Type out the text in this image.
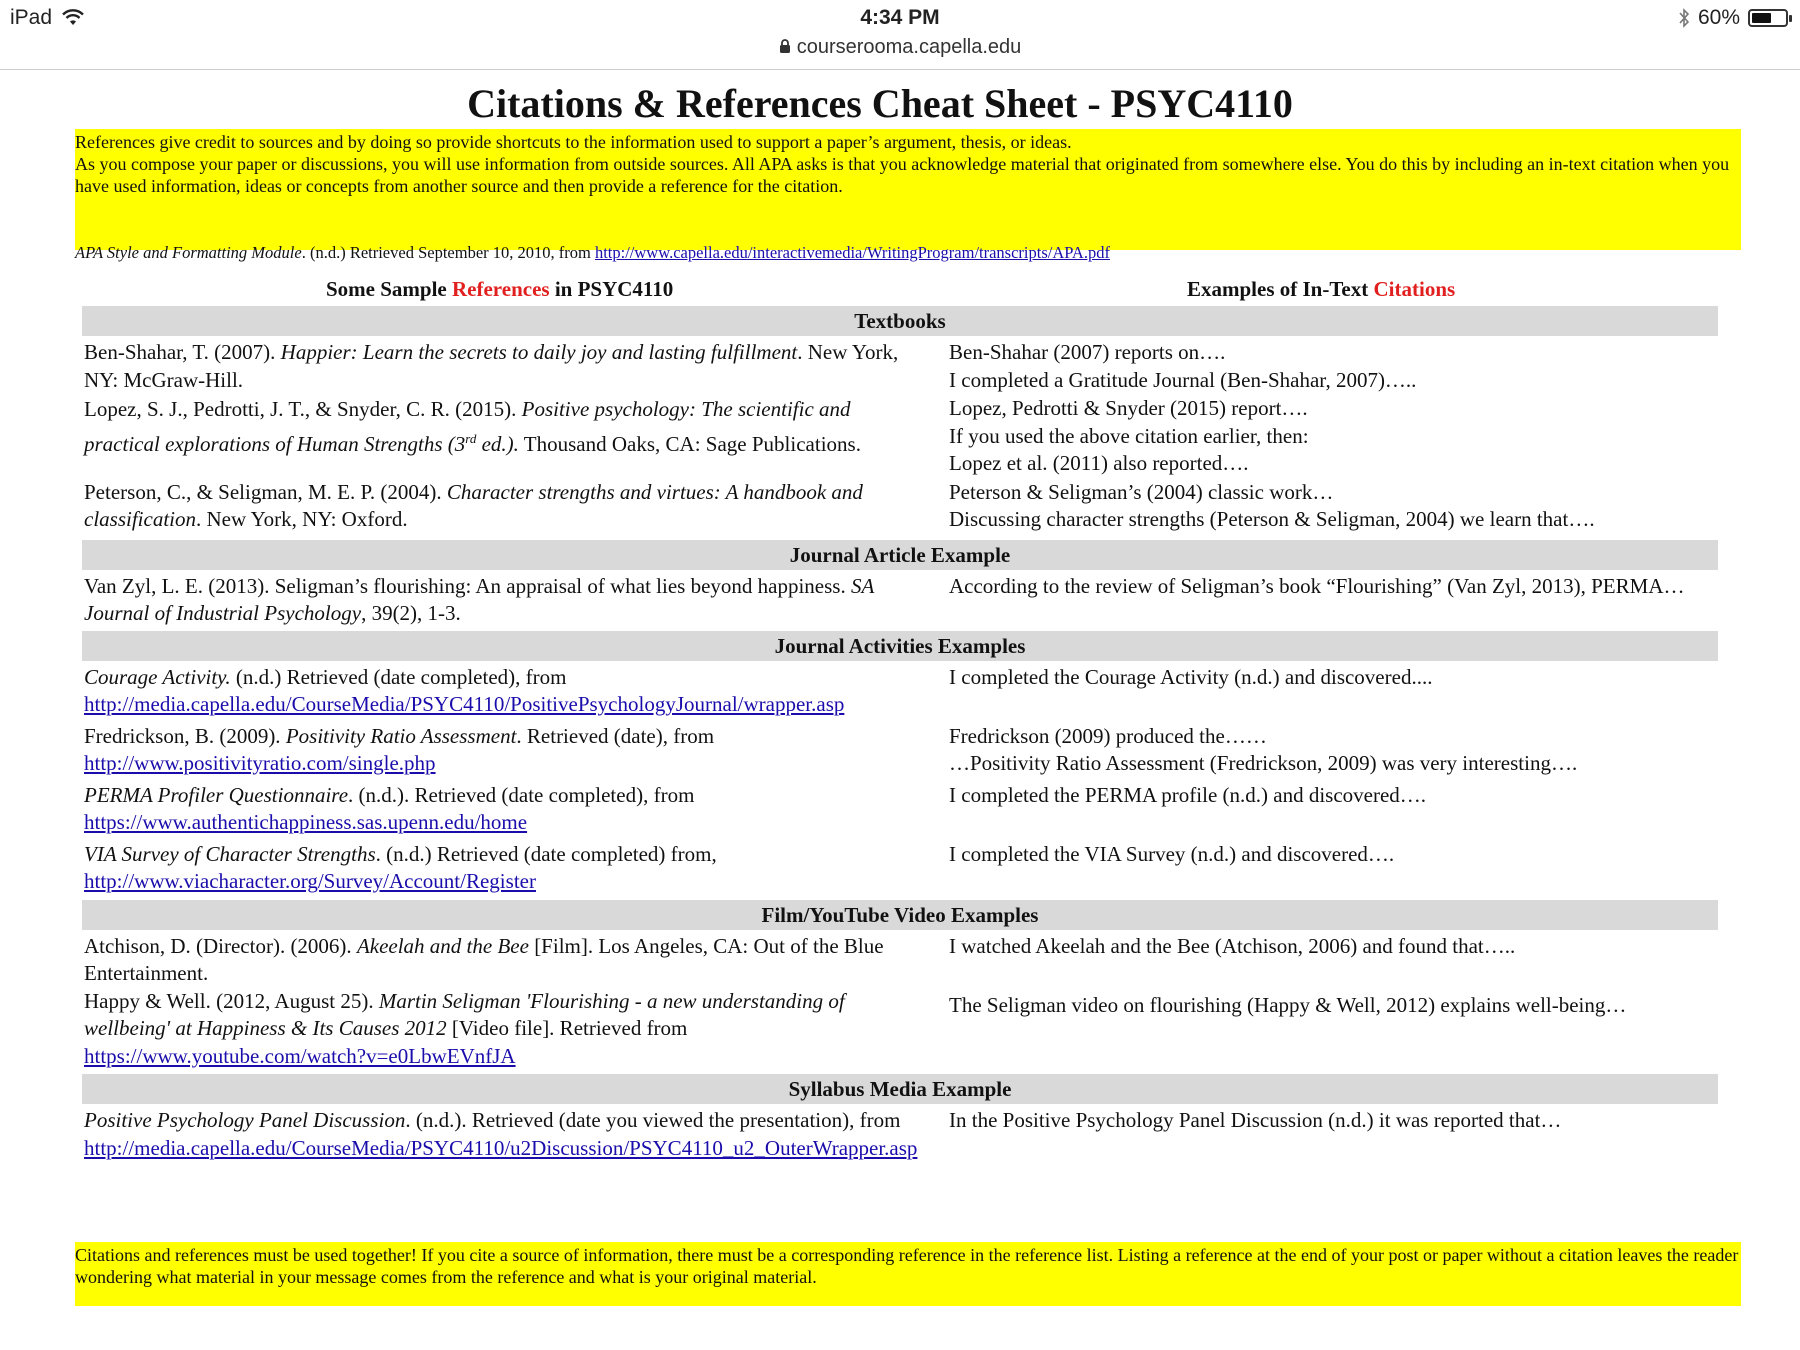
iPad	4:34 PM
courserooma.capella.edu
60%
Citations & References Cheat Sheet - PSYC4110
References give credit to sources and by doing so provide shortcuts to the information used to support a paper’s argument, thesis, or ideas.
As you compose your paper or discussions, you will use information from outside sources. All APA asks is that you acknowledge material that originated from somewhere else. You do this by including an in-text citation when you have used information, ideas or concepts from another source and then provide a reference for the citation.
APA Style and Formatting Module. (n.d.) Retrieved September 10, 2010, from http://www.capella.edu/interactivemedia/WritingProgram/transcripts/APA.pdf
Some Sample References in PSYC4110	Examples of In-Text Citations
Textbooks
Ben-Shahar, T. (2007). Happier: Learn the secrets to daily joy and lasting fulfillment. New York, NY: McGraw-Hill.
Ben-Shahar (2007) reports on….
I completed a Gratitude Journal (Ben-Shahar, 2007)…..
Lopez, S. J., Pedrotti, J. T., & Snyder, C. R. (2015). Positive psychology: The scientific and practical explorations of Human Strengths (3rd ed.). Thousand Oaks, CA: Sage Publications.
Lopez, Pedrotti & Snyder (2015) report….
If you used the above citation earlier, then:
Lopez et al. (2011) also reported….
Peterson, C., & Seligman, M. E. P. (2004). Character strengths and virtues: A handbook and classification. New York, NY: Oxford.
Peterson & Seligman’s (2004) classic work…
Discussing character strengths (Peterson & Seligman, 2004) we learn that….
Journal Article Example
Van Zyl, L. E. (2013). Seligman’s flourishing: An appraisal of what lies beyond happiness. SA Journal of Industrial Psychology, 39(2), 1-3.
According to the review of Seligman’s book “Flourishing” (Van Zyl, 2013), PERMA…
Journal Activities Examples
Courage Activity. (n.d.) Retrieved (date completed), from
http://media.capella.edu/CourseMedia/PSYC4110/PositivePsychologyJournal/wrapper.asp
I completed the Courage Activity (n.d.) and discovered....
Fredrickson, B. (2009). Positivity Ratio Assessment. Retrieved (date), from
http://www.positivityratio.com/single.php
Fredrickson (2009) produced the……
…Positivity Ratio Assessment (Fredrickson, 2009) was very interesting….
PERMA Profiler Questionnaire. (n.d.). Retrieved (date completed), from
https://www.authentichappiness.sas.upenn.edu/home
I completed the PERMA profile (n.d.) and discovered….
VIA Survey of Character Strengths. (n.d.) Retrieved (date completed) from,
http://www.viacharacter.org/Survey/Account/Register
I completed the VIA Survey (n.d.) and discovered….
Film/YouTube Video Examples
Atchison, D. (Director). (2006). Akeelah and the Bee [Film]. Los Angeles, CA: Out of the Blue Entertainment.
I watched Akeelah and the Bee (Atchison, 2006) and found that…..
Happy & Well. (2012, August 25). Martin Seligman 'Flourishing - a new understanding of wellbeing' at Happiness & Its Causes 2012 [Video file]. Retrieved from
https://www.youtube.com/watch?v=e0LbwEVnfJA
The Seligman video on flourishing (Happy & Well, 2012) explains well-being…
Syllabus Media Example
Positive Psychology Panel Discussion. (n.d.). Retrieved (date you viewed the presentation), from
http://media.capella.edu/CourseMedia/PSYC4110/u2Discussion/PSYC4110_u2_OuterWrapper.asp
In the Positive Psychology Panel Discussion (n.d.) it was reported that…
Citations and references must be used together! If you cite a source of information, there must be a corresponding reference in the reference list. Listing a reference at the end of your post or paper without a citation leaves the reader wondering what material in your message comes from the reference and what is your original material.
